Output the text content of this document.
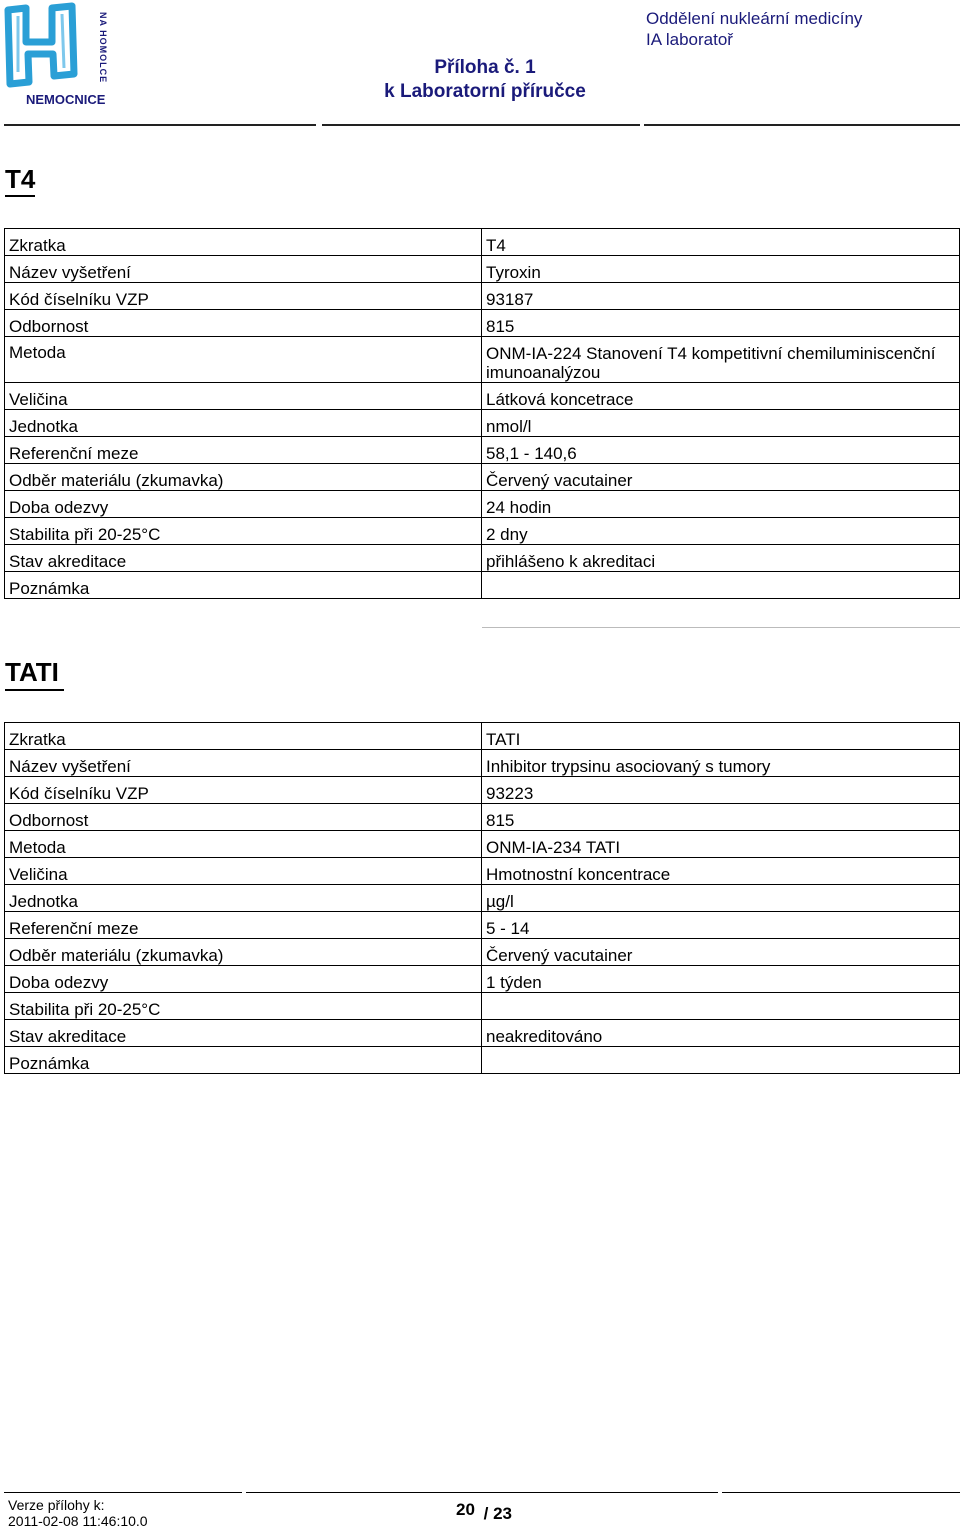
NA HOMOLCE
NEMOCNICE
Příloha č. 1
k Laboratorní příručce
Oddělení nukleární medicíny
IA laboratoř
T4
Zkratka	T4
Název vyšetření	Tyroxin
Kód číselníku VZP	93187
Odbornost	815
Metoda	ONM-IA-224 Stanovení T4 kompetitivní chemiluminiscenční imunoanalýzou
Veličina	Látková koncetrace
Jednotka	nmol/l
Referenční meze	58,1 - 140,6
Odběr materiálu (zkumavka)	Červený vacutainer
Doba odezvy	24 hodin
Stabilita při 20-25°C	2 dny
Stav akreditace	přihlášeno k akreditaci
Poznámka	
TATI
Zkratka	TATI
Název vyšetření	Inhibitor trypsinu asociovaný s tumory
Kód číselníku VZP	93223
Odbornost	815
Metoda	ONM-IA-234 TATI
Veličina	Hmotnostní koncentrace
Jednotka	µg/l
Referenční meze	5 - 14
Odběr materiálu (zkumavka)	Červený vacutainer
Doba odezvy	1 týden
Stabilita při 20-25°C	
Stav akreditace	neakreditováno
Poznámka	
Verze přílohy k:
2011-02-08 11:46:10.0
20 / 23
